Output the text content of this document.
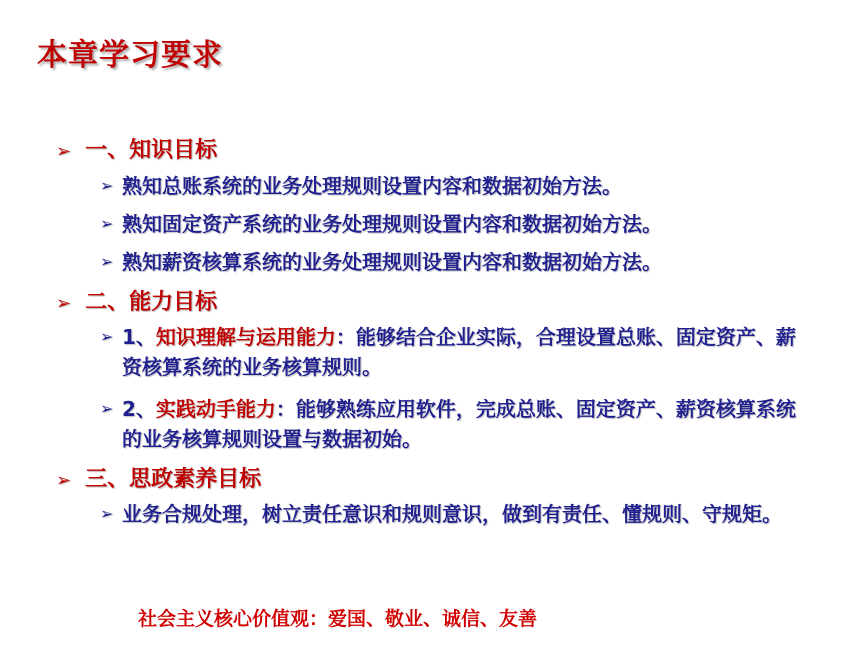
本章学习要求
➢ 一、知识目标
➢ 熟知总账系统的业务处理规则设置内容和数据初始方法。
➢ 熟知固定资产系统的业务处理规则设置内容和数据初始方法。
➢ 熟知薪资核算系统的业务处理规则设置内容和数据初始方法。
➢ 二、能力目标
➢ 1、知识理解与运用能力：能够结合企业实际，合理设置总账、固定资产、薪资核算系统的业务核算规则。
➢ 2、实践动手能力：能够熟练应用软件，完成总账、固定资产、薪资核算系统的业务核算规则设置与数据初始。
➢ 三、思政素养目标
➢ 业务合规处理，树立责任意识和规则意识，做到有责任、懂规则、守规矩。
社会主义核心价值观：爱国、敬业、诚信、友善
